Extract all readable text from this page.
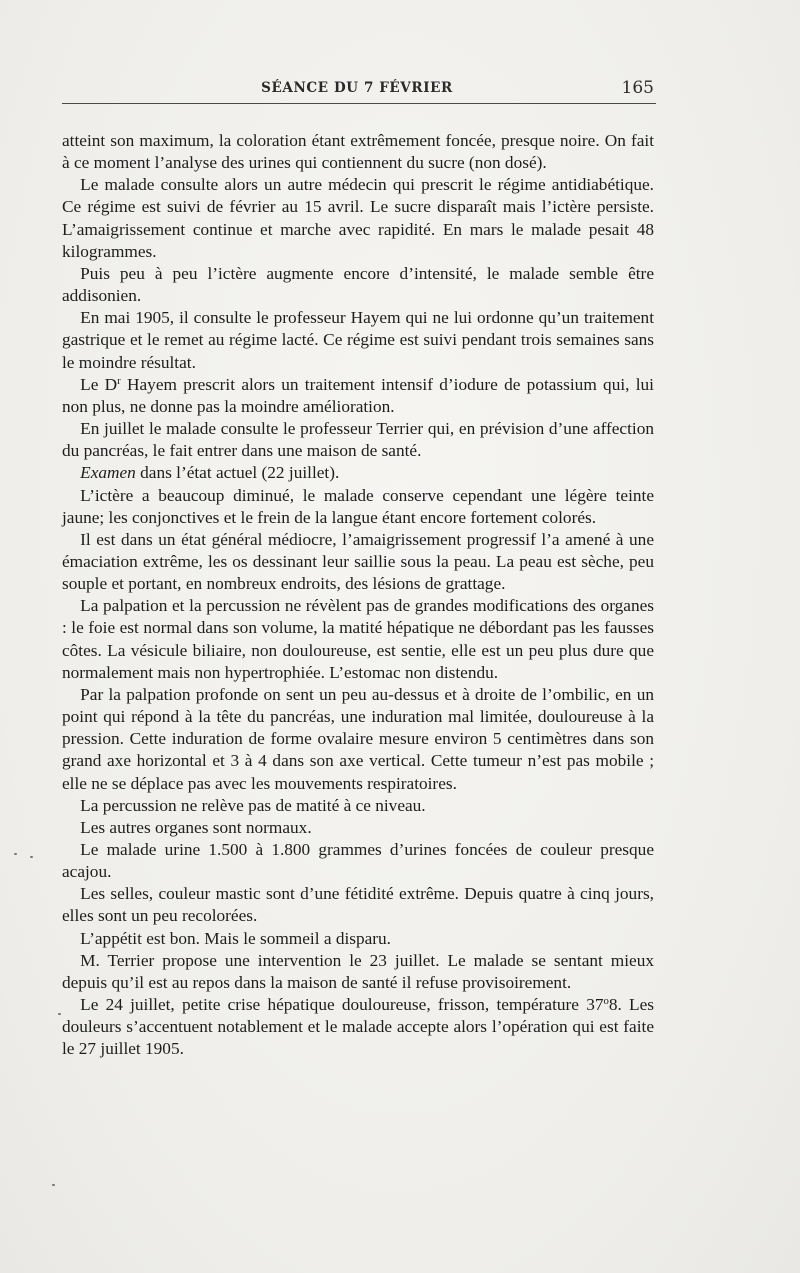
SÉANCE DU 7 FÉVRIER	165

atteint son maximum, la coloration étant extrêmement foncée, presque noire. On fait à ce moment l’analyse des urines qui contiennent du sucre (non dosé).

Le malade consulte alors un autre médecin qui prescrit le régime antidiabétique. Ce régime est suivi de février au 15 avril. Le sucre disparaît mais l’ictère persiste. L’amaigrissement continue et marche avec rapidité. En mars le malade pesait 48 kilogrammes.

Puis peu à peu l’ictère augmente encore d’intensité, le malade semble être addisonien.

En mai 1905, il consulte le professeur Hayem qui ne lui ordonne qu’un traitement gastrique et le remet au régime lacté. Ce régime est suivi pendant trois semaines sans le moindre résultat.

Le $D^r$ Hayem prescrit alors un traitement intensif d’iodure de potassium qui, lui non plus, ne donne pas la moindre amélioration.

En juillet le malade consulte le professeur Terrier qui, en prévision d’une affection du pancréas, le fait entrer dans une maison de santé.

Examen dans l’état actuel (22 juillet).

L’ictère a beaucoup diminué, le malade conserve cependant une légère teinte jaune; les conjonctives et le frein de la langue étant encore fortement colorés.

Il est dans un état général médiocre, l’amaigrissement progressif l’a amené à une émaciation extrême, les os dessinant leur saillie sous la peau. La peau est sèche, peu souple et portant, en nombreux endroits, des lésions de grattage.

La palpation et la percussion ne révèlent pas de grandes modifications des organes : le foie est normal dans son volume, la matité hépatique ne débordant pas les fausses côtes. La vésicule biliaire, non douloureuse, est sentie, elle est un peu plus dure que normalement mais non hypertrophiée. L’estomac non distendu.

Par la palpation profonde on sent un peu au-dessus et à droite de l’ombilic, en un point qui répond à la tête du pancréas, une induration mal limitée, douloureuse à la pression. Cette induration de forme ovalaire mesure environ 5 centimètres dans son grand axe horizontal et 3 à 4 dans son axe vertical. Cette tumeur n’est pas mobile ; elle ne se déplace pas avec les mouvements respiratoires.

La percussion ne relève pas de matité à ce niveau.

Les autres organes sont normaux.

Le malade urine 1.500 à 1.800 grammes d’urines foncées de couleur presque acajou.

Les selles, couleur mastic sont d’une fétidité extrême. Depuis quatre à cinq jours, elles sont un peu recolorées.

L’appétit est bon. Mais le sommeil a disparu.

M. Terrier propose une intervention le 23 juillet. Le malade se sentant mieux depuis qu’il est au repos dans la maison de santé il refuse provisoirement.

Le 24 juillet, petite crise hépatique douloureuse, frisson, température 37$^o$8. Les douleurs s’accentuent notablement et le malade accepte alors l’opération qui est faite le 27 juillet 1905.
